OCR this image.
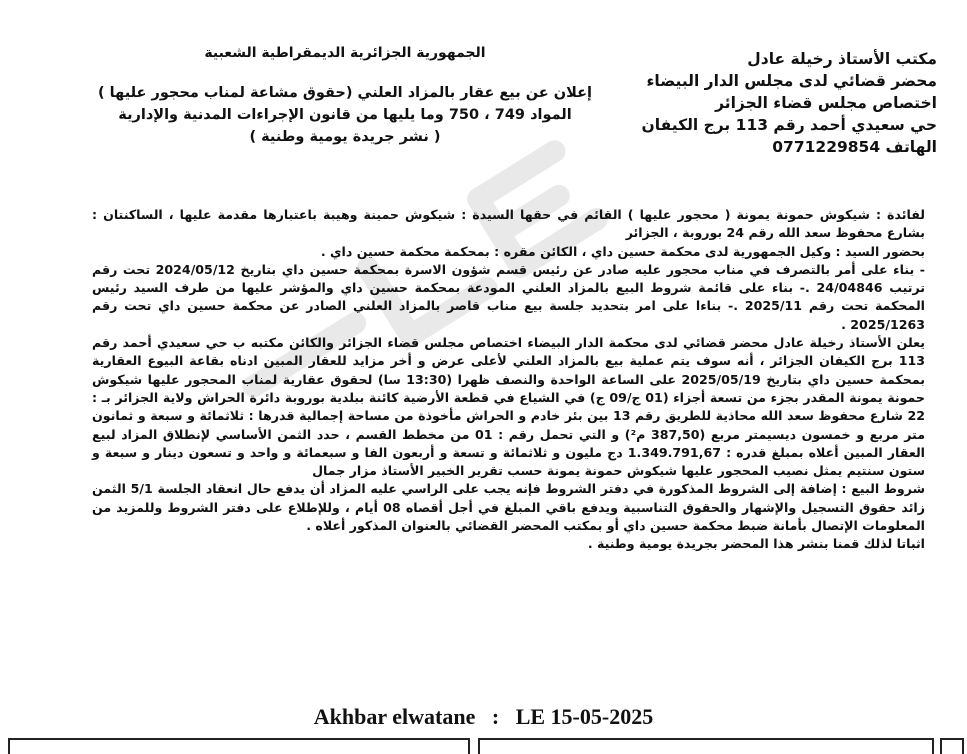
مكتب الأستاذ رخيلة عادل
محضر قضائي لدى مجلس الدار البيضاء
اختصاص مجلس قضاء الجزائر
حي سعيدي أحمد رقم 113 برج الكيفان
الهاتف 0771229854
الجمهورية الجزائرية الديمقراطية الشعبية
إعلان عن بيع عقار بالمزاد العلني (حقوق مشاعة لمناب محجور عليها )
المواد 749 ، 750 وما يليها من قانون الإجراءات المدنية والإدارية
( نشر جريدة يومية وطنية )

لفائدة : شيكوش حمونة يمونة ( محجور عليها ) القائم في حقها السيدة : شيكوش حمينة وهيبة باعتبارها مقدمة عليها ، الساكنتان : بشارع محفوظ سعد الله رقم 24 بوروبة ، الجزائر

بحضور السيد : وكيل الجمهورية لدى محكمة حسين داي ، الكائن مقره : بمحكمة محكمة حسين داي .

- بناء على أمر بالتصرف في مناب محجور عليه صادر عن رئيس قسم شؤون الاسرة بمحكمة حسين داي بتاريخ 2024/05/12 تحت رقم ترتيب 24/04846 .- بناء على قائمة شروط البيع بالمزاد العلني المودعة بمحكمة حسين داي والمؤشر عليها من طرف السيد رئيس المحكمة تحت رقم 2025/11 .- بناءا على امر بتحديد جلسة بيع مناب قاصر بالمزاد العلني الصادر عن محكمة حسين داي تحت رقم 2025/1263 .

يعلن الأستاذ رخيلة عادل محضر قضائي لدى محكمة الدار البيضاء اختصاص مجلس قضاء الجزائر والكائن مكتبه ب حي سعيدي أحمد رقم 113 برج الكيفان الجزائر ، أنه سوف يتم عملية بيع بالمزاد العلني لأعلى عرض و أخر مزايد للعقار المبين ادناه بقاعة البيوع العقارية بمحكمة حسين داي بتاريخ 2025/05/19 على الساعة الواحدة والنصف ظهرا (13:30 سا) لحقوق عقارية لمناب المحجور عليها شيكوش حمونة يمونة المقدر بجزء من تسعة أجزاء (01 ج/09 ج) في الشياع في قطعة الأرضية كائنة ببلدية بوروبة دائرة الحراش ولاية الجزائر بـ : 22 شارع محفوظ سعد الله محاذية للطريق رقم 13 بين بئر خادم و الحراش مأخوذة من مساحة إجمالية قدرها : ثلاثمائة و سبعة و ثمانون متر مربع و خمسون ديسيمتر مربع (387,50 م²) و التي تحمل رقم : 01 من مخطط القسم ، حدد الثمن الأساسي لإنطلاق المزاد لبيع العقار المبين أعلاه بمبلغ قدره : 1.349.791,67 دج مليون و ثلاثمائة و تسعة و أربعون الفا و سبعمائة و واحد و تسعون دينار و سبعة و ستون سنتيم يمثل نصيب المحجور عليها شيكوش حمونة يمونة حسب تقرير الخبير الأستاذ مزار جمال

شروط البيع : إضافة إلى الشروط المذكورة في دفتر الشروط فإنه يجب على الراسي عليه المزاد أن يدفع حال انعقاد الجلسة 5/1 الثمن زائد حقوق التسجيل والإشهار والحقوق التناسبية ويدفع باقي المبلغ في أجل أقصاه 08 أيام ، وللإطلاع على دفتر الشروط وللمزيد من المعلومات الإتصال بأمانة ضبط محكمة حسين داي أو بمكتب المحضر القضائي بالعنوان المذكور أعلاه .

اثباتا لذلك قمنا بنشر هذا المحضر بجريدة يومية وطنية .

Akhbar elwatane : LE 15-05-2025
